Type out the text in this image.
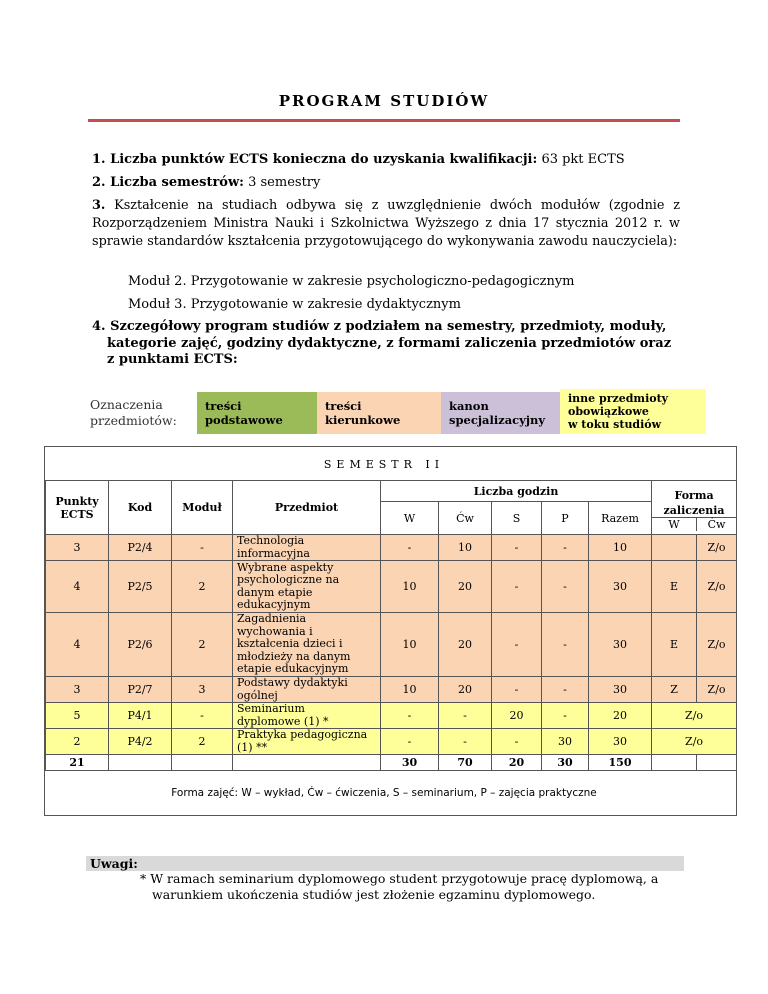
PROGRAM STUDIÓW
1. Liczba punktów ECTS konieczna do uzyskania kwalifikacji: 63 pkt ECTS
2. Liczba semestrów: 3 semestry
3. Kształcenie na studiach odbywa się z uwzględnienie dwóch modułów (zgodnie z Rozporządzeniem Ministra Nauki i Szkolnictwa Wyższego z dnia 17 stycznia 2012 r. w sprawie standardów kształcenia przygotowującego do wykonywania zawodu nauczyciela):
Moduł 2. Przygotowanie w zakresie psychologiczno-pedagogicznym
Moduł 3. Przygotowanie w zakresie dydaktycznym
4. Szczegółowy program studiów z podziałem na semestry, przedmioty, moduły,
kategorie zajęć, godziny dydaktyczne, z formami zaliczenia przedmiotów oraz
z punktami ECTS:
Oznaczenia
przedmiotów:
treści
podstawowe
treści
kierunkowe
kanon
specjalizacyjny
inne przedmioty
obowiązkowe
w toku studiów
SEMESTR II
Punkty
ECTS	Kod	Moduł	Przedmiot	Liczba godzin					Forma	

				W	Ćw	S	P	Razem	zaliczenia
W Ćw	

3	P2/4	-	Technologia
informacyjna	-	10	-	-	10		Z/o
4	P2/5	2	Wybrane aspekty
psychologiczne na
danym etapie
edukacyjnym	10	20	-	-	30	E	Z/o
4	P2/6	2	Zagadnienia
wychowania i
kształcenia dzieci i
młodzieży na danym
etapie edukacyjnym	10	20	-	-	30	E	Z/o
3	P2/7	3	Podstawy dydaktyki
ogólnej	10	20	-	-	30	Z	Z/o
5	P4/1	-	Seminarium
dyplomowe (1) *	-	-	20	-	20	Z/o	
2	P4/2	2	Praktyka pedagogiczna
(1) **	-	-	-	30	30	Z/o	
21				30	70	20	30	150		
Forma zajęć: W – wykład, Ćw – ćwiczenia, S – seminarium, P – zajęcia praktyczne
Uwagi:
* W ramach seminarium dyplomowego student przygotowuje pracę dyplomową, a
warunkiem ukończenia studiów jest złożenie egzaminu dyplomowego.
